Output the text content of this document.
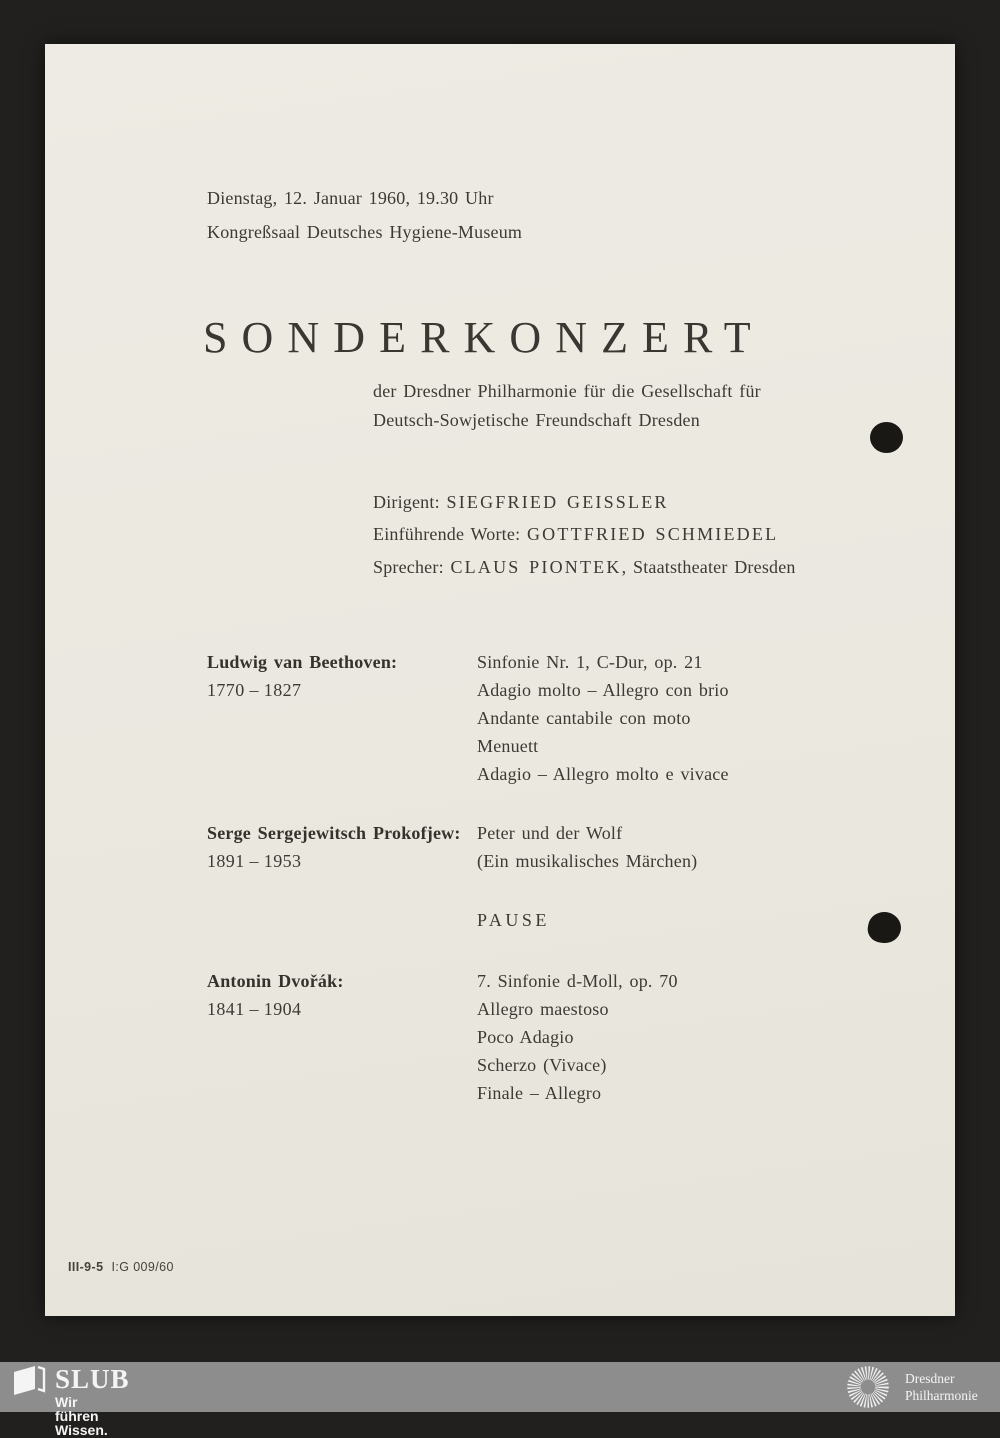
Dienstag, 12. Januar 1960, 19.30 Uhr
Kongreßsaal Deutsches Hygiene-Museum
SONDERKONZERT
der Dresdner Philharmonie für die Gesellschaft für
Deutsch-Sowjetische Freundschaft Dresden
Dirigent: SIEGFRIED GEISSLER
Einführende Worte: GOTTFRIED SCHMIEDEL
Sprecher: CLAUS PIONTEK, Staatstheater Dresden
Ludwig van Beethoven:
1770 – 1827
Sinfonie Nr. 1, C-Dur, op. 21
Adagio molto – Allegro con brio
Andante cantabile con moto
Menuett
Adagio – Allegro molto e vivace
Serge Sergejewitsch Prokofjew:
1891 – 1953
Peter und der Wolf
(Ein musikalisches Märchen)
PAUSE
Antonin Dvořák:
1841 – 1904
7. Sinfonie d-Moll, op. 70
Allegro maestoso
Poco Adagio
Scherzo (Vivace)
Finale – Allegro
III-9-5 I:G 009/60
SLUB
Wir führen Wissen.
Dresdner
Philharmonie
